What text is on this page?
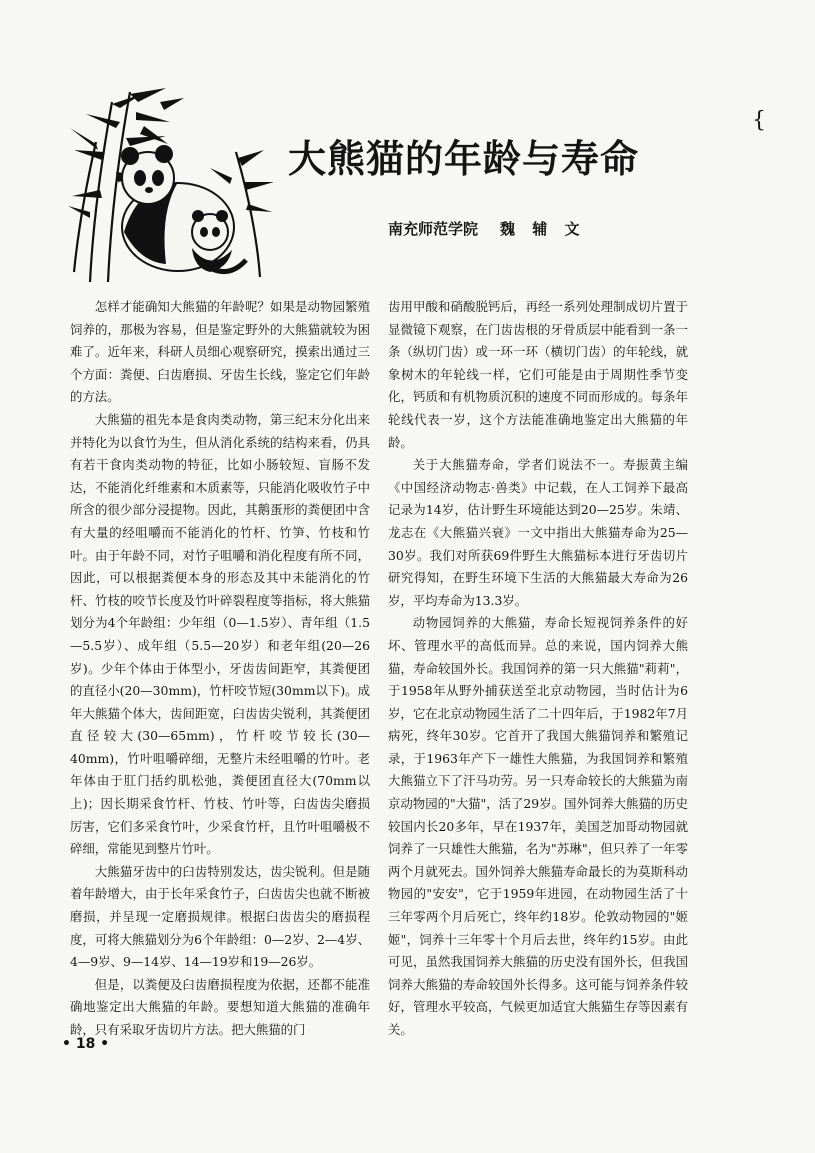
大熊猫的年龄与寿命
南充师范学院 魏 辅 文
{

怎样才能确知大熊猫的年龄呢？如果是动物园繁殖饲养的，那极为容易，但是鉴定野外的大熊猫就较为困难了。近年来，科研人员细心观察研究，摸索出通过三个方面：粪便、臼齿磨损、牙齿生长线，鉴定它们年龄的方法。

大熊猫的祖先本是食肉类动物，第三纪末分化出来并特化为以食竹为生，但从消化系统的结构来看，仍具有若干食肉类动物的特征，比如小肠较短、盲肠不发达，不能消化纤维素和木质素等，只能消化吸收竹子中所含的很少部分浸提物。因此，其鹅蛋形的粪便团中含有大量的经咀嚼而不能消化的竹杆、竹笋、竹枝和竹叶。由于年龄不同，对竹子咀嚼和消化程度有所不同，因此，可以根据粪便本身的形态及其中未能消化的竹杆、竹枝的咬节长度及竹叶碎裂程度等指标，将大熊猫划分为4个年龄组：少年组（0—1.5岁）、青年组（1.5—5.5岁）、成年组（5.5—20岁）和老年组(20—26岁)。少年个体由于体型小，牙齿齿间距窄，其粪便团的直径小(20—30mm)，竹杆咬节短(30mm以下)。成年大熊猫个体大，齿间距宽，臼齿齿尖锐利，其粪便团直径较大(30—65mm)，竹杆咬节较长(30—40mm)，竹叶咀嚼碎细，无整片未经咀嚼的竹叶。老年体由于肛门括约肌松弛，粪便团直径大(70mm以上)；因长期采食竹杆、竹枝、竹叶等，臼齿齿尖磨损厉害，它们多采食竹叶，少采食竹杆，且竹叶咀嚼极不碎细，常能见到整片竹叶。

大熊猫牙齿中的臼齿特别发达，齿尖锐利。但是随着年龄增大，由于长年采食竹子，臼齿齿尖也就不断被磨损，并呈现一定磨损规律。根据臼齿齿尖的磨损程度，可将大熊猫划分为6个年龄组：0—2岁、2—4岁、4—9岁、9—14岁、14—19岁和19—26岁。

但是，以粪便及臼齿磨损程度为依据，还都不能准确地鉴定出大熊猫的年龄。要想知道大熊猫的准确年龄，只有采取牙齿切片方法。把大熊猫的门

齿用甲酸和硝酸脱钙后，再经一系列处理制成切片置于显微镜下观察，在门齿齿根的牙骨质层中能看到一条一条（纵切门齿）或一环一环（横切门齿）的年轮线，就象树木的年轮线一样，它们可能是由于周期性季节变化，钙质和有机物质沉积的速度不同而形成的。每条年轮线代表一岁，这个方法能准确地鉴定出大熊猫的年龄。

关于大熊猫寿命，学者们说法不一。寿振黄主编《中国经济动物志·兽类》中记载，在人工饲养下最高记录为14岁，估计野生环境能达到20—25岁。朱靖、龙志在《大熊猫兴衰》一文中指出大熊猫寿命为25—30岁。我们对所获69件野生大熊猫标本进行牙齿切片研究得知，在野生环境下生活的大熊猫最大寿命为26岁，平均寿命为13.3岁。

动物园饲养的大熊猫，寿命长短视饲养条件的好坏、管理水平的高低而异。总的来说，国内饲养大熊猫，寿命较国外长。我国饲养的第一只大熊猫"莉莉"，于1958年从野外捕获送至北京动物园，当时估计为6岁，它在北京动物园生活了二十四年后，于1982年7月病死，终年30岁。它首开了我国大熊猫饲养和繁殖记录，于1963年产下一雄性大熊猫，为我国饲养和繁殖大熊猫立下了汗马功劳。另一只寿命较长的大熊猫为南京动物园的"大猫"，活了29岁。国外饲养大熊猫的历史较国内长20多年，早在1937年，美国芝加哥动物园就饲养了一只雄性大熊猫，名为"苏琳"，但只养了一年零两个月就死去。国外饲养大熊猫寿命最长的为莫斯科动物园的"安安"，它于1959年进园，在动物园生活了十三年零两个月后死亡，终年约18岁。伦敦动物园的"姬姬"，饲养十三年零十个月后去世，终年约15岁。由此可见，虽然我国饲养大熊猫的历史没有国外长，但我国饲养大熊猫的寿命较国外长得多。这可能与饲养条件较好，管理水平较高，气候更加适宜大熊猫生存等因素有关。

• 18 •
